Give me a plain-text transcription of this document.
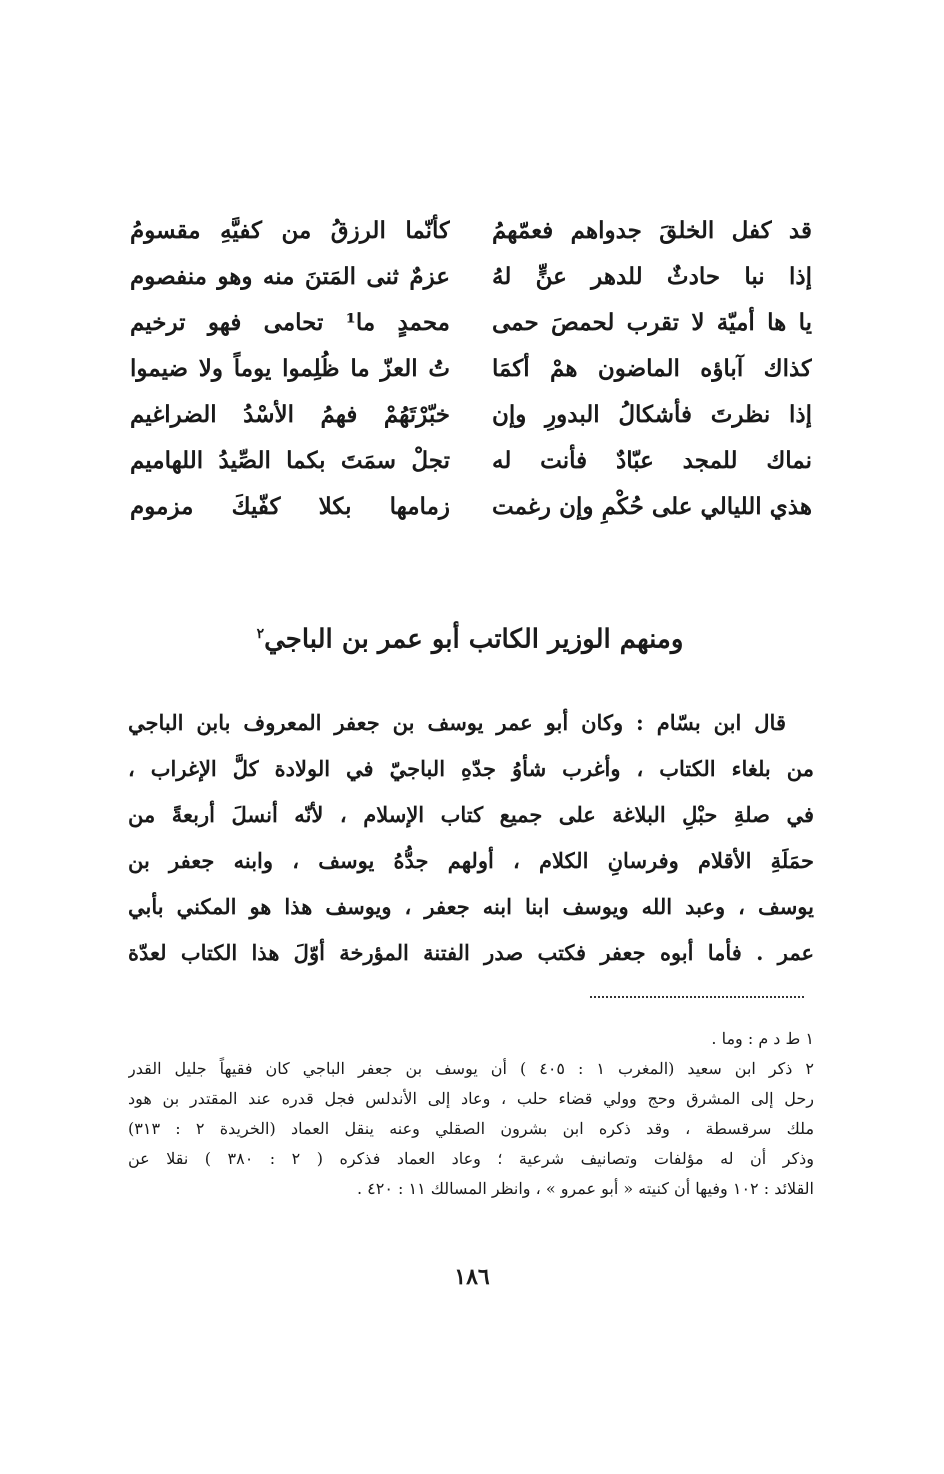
قد كفل الخلقَ جدواهم فعمّهمُ
إذا نبا حادثٌ للدهر عنٍّ لهُ
يا ها أميّة لا تقرب لحمصَ حمى
كذاك آباؤه الماضون همْ أكمَا
إذا نظرتَ فأشكالُ البدورِ وإن
نماك للمجد عبّادٌ فأنت له
هذي الليالي على حُكْمِ وإن رغمت
كأنّما الرزقُ من كفيَّهِ مقسومُ
عزمٌ ثنى المَتنَ منه وهو منفصوم
محمدٍ ما¹ تحامى فهو ترخيم
تُ العزّ ما ظُلِموا يوماً ولا ضيموا
خبّرْتَهُمْ فهمُ الأسْدُ الضراغيم
تجلْ سمَتَ بكما الصِّيدُ اللهاميم
زمامها بكلا كفّيكَ مزموم
ومنهم الوزير الكاتب أبو عمر بن الباجي$^٢$
قال ابن بسّام : وكان أبو عمر يوسف بن جعفر المعروف بابن الباجي
من بلغاء الكتاب ، وأغرب شأوُ جدّهِ الباجيّ في الولادة كلَّ الإغراب ،
في صلةِ حبْلِ البلاغة على جميع كتاب الإسلام ، لأنّه أنسلَ أربعةً من
حمَلَةِ الأقلام وفرسانِ الكلام ، أولهم جدُّهُ يوسف ، وابنه جعفر بن
يوسف ، وعبد الله ويوسف ابنا ابنه جعفر ، ويوسف هذا هو المكني بأبي
عمر . فأما أبوه جعفر فكتب صدر الفتنة المؤرخة أوّلَ هذا الكتاب لعدّة
١ ط د م : وما .
٢ ذكر ابن سعيد (المغرب ١ : ٤٠٥ ) أن يوسف بن جعفر الباجي كان فقيهاً جليل القدر
رحل إلى المشرق وحج وولي قضاء حلب ، وعاد إلى الأندلس فجل قدره عند المقتدر بن هود
ملك سرقسطة ، وقد ذكره ابن بشرون الصقلي وعنه ينقل العماد (الخريدة ٢ : ٣١٣)
وذكر أن له مؤلفات وتصانيف شرعية ؛ وعاد العماد فذكره ( ٢ : ٣٨٠ ) نقلا عن
القلائد : ١٠٢ وفيها أن كنيته « أبو عمرو » ، وانظر المسالك ١١ : ٤٢٠ .
١٨٦
